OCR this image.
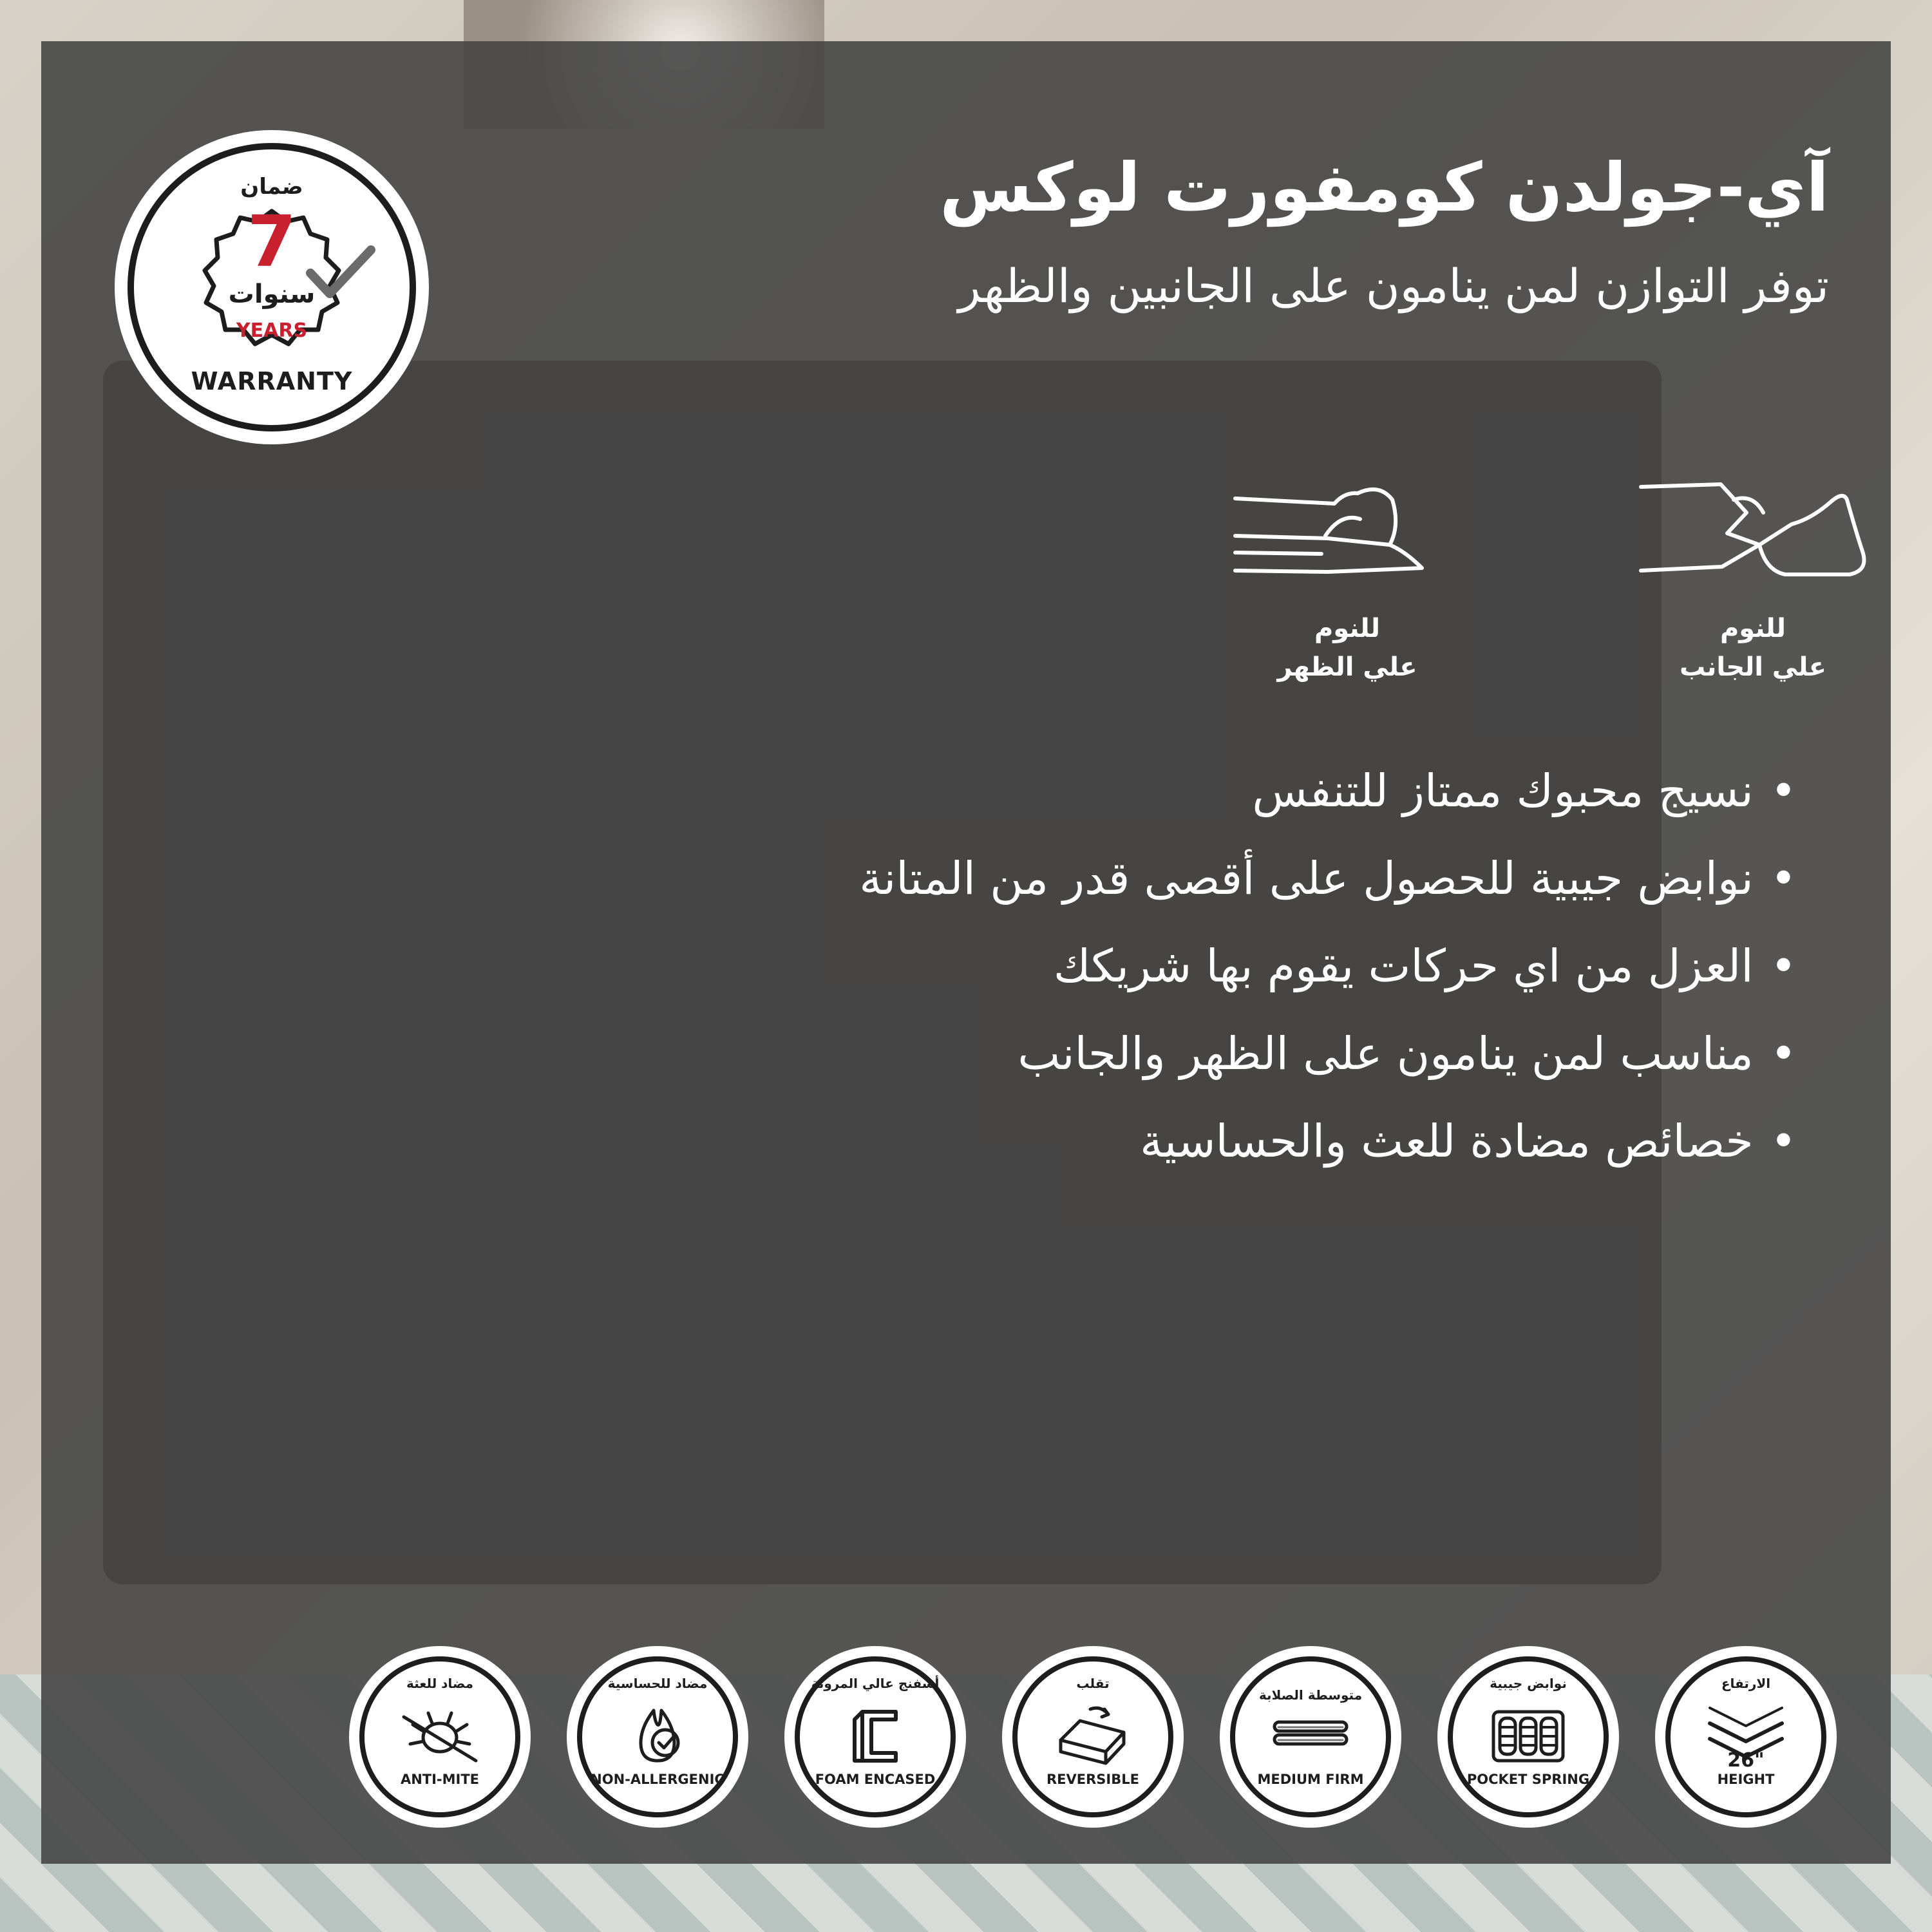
ضمان
7
سنوات
YEARS
WARRANTY
آي-جولدن كومفورت لوكس
توفر التوازن لمن ينامون على الجانبين والظهر
للنوم
علي الجانب
للنوم
علي الظهر
•نسيج محبوك ممتاز للتنفس
•نوابض جيبية للحصول على أقصى قدر من المتانة
•العزل من اي حركات يقوم بها شريكك
•مناسب لمن ينامون على الظهر والجانب
•خصائص مضادة للعث والحساسية
مضاد للعثة
ANTI-MITE
مضاد للحساسية
NON-ALLERGENIC
أسفنج عالي المرونة
FOAM ENCASED
تقلب
REVERSIBLE
متوسطة الصلابة
MEDIUM FIRM
نوابض جيبية
POCKET SPRING
الارتفاع
26"
HEIGHT
